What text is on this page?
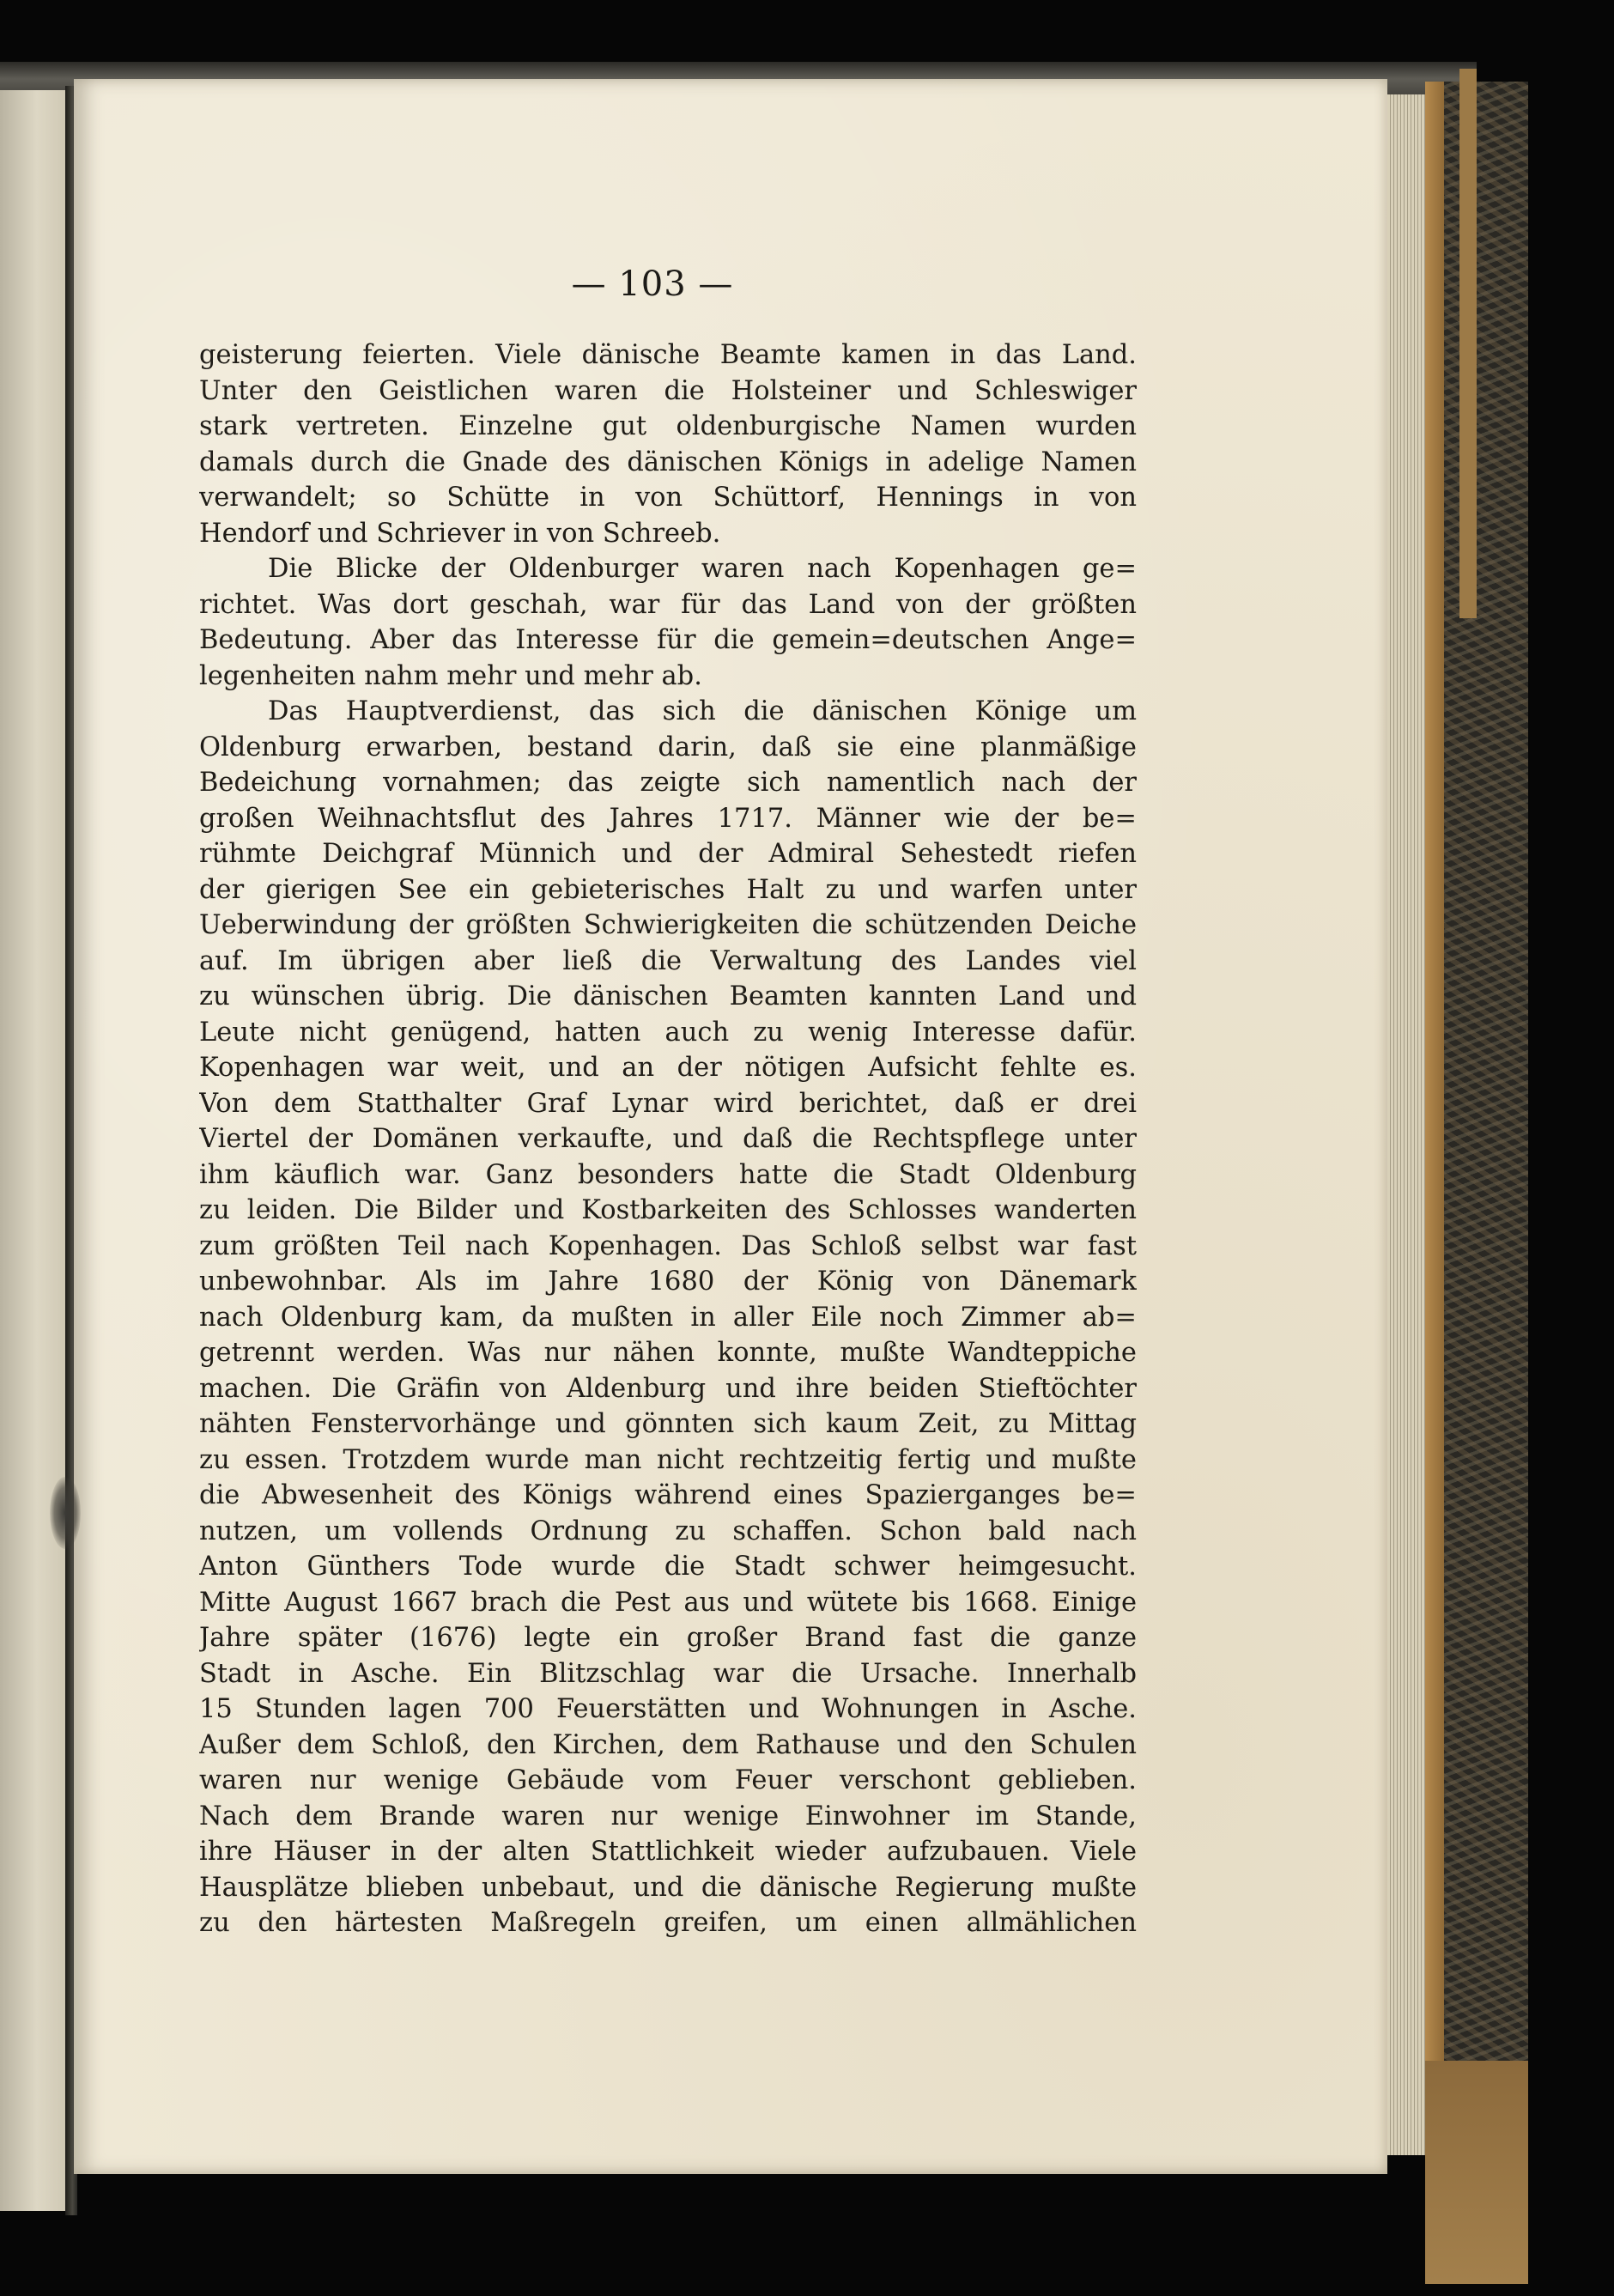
— 103 —
geisterung feierten. Viele dänische Beamte kamen in das Land.
Unter den Geistlichen waren die Holsteiner und Schleswiger
stark vertreten. Einzelne gut oldenburgische Namen wurden
damals durch die Gnade des dänischen Königs in adelige Namen
verwandelt; so Schütte in von Schüttorf, Hennings in von
Hendorf und Schriever in von Schreeb.
Die Blicke der Oldenburger waren nach Kopenhagen ge=
richtet. Was dort geschah, war für das Land von der größten
Bedeutung. Aber das Interesse für die gemein=deutschen Ange=
legenheiten nahm mehr und mehr ab.
Das Hauptverdienst, das sich die dänischen Könige um
Oldenburg erwarben, bestand darin, daß sie eine planmäßige
Bedeichung vornahmen; das zeigte sich namentlich nach der
großen Weihnachtsflut des Jahres 1717. Männer wie der be=
rühmte Deichgraf Münnich und der Admiral Sehestedt riefen
der gierigen See ein gebieterisches Halt zu und warfen unter
Ueberwindung der größten Schwierigkeiten die schützenden Deiche
auf. Im übrigen aber ließ die Verwaltung des Landes viel
zu wünschen übrig. Die dänischen Beamten kannten Land und
Leute nicht genügend, hatten auch zu wenig Interesse dafür.
Kopenhagen war weit, und an der nötigen Aufsicht fehlte es.
Von dem Statthalter Graf Lynar wird berichtet, daß er drei
Viertel der Domänen verkaufte, und daß die Rechtspflege unter
ihm käuflich war. Ganz besonders hatte die Stadt Oldenburg
zu leiden. Die Bilder und Kostbarkeiten des Schlosses wanderten
zum größten Teil nach Kopenhagen. Das Schloß selbst war fast
unbewohnbar. Als im Jahre 1680 der König von Dänemark
nach Oldenburg kam, da mußten in aller Eile noch Zimmer ab=
getrennt werden. Was nur nähen konnte, mußte Wandteppiche
machen. Die Gräfin von Aldenburg und ihre beiden Stieftöchter
nähten Fenstervorhänge und gönnten sich kaum Zeit, zu Mittag
zu essen. Trotzdem wurde man nicht rechtzeitig fertig und mußte
die Abwesenheit des Königs während eines Spazierganges be=
nutzen, um vollends Ordnung zu schaffen. Schon bald nach
Anton Günthers Tode wurde die Stadt schwer heimgesucht.
Mitte August 1667 brach die Pest aus und wütete bis 1668. Einige
Jahre später (1676) legte ein großer Brand fast die ganze
Stadt in Asche. Ein Blitzschlag war die Ursache. Innerhalb
15 Stunden lagen 700 Feuerstätten und Wohnungen in Asche.
Außer dem Schloß, den Kirchen, dem Rathause und den Schulen
waren nur wenige Gebäude vom Feuer verschont geblieben.
Nach dem Brande waren nur wenige Einwohner im Stande,
ihre Häuser in der alten Stattlichkeit wieder aufzubauen. Viele
Hausplätze blieben unbebaut, und die dänische Regierung mußte
zu den härtesten Maßregeln greifen, um einen allmählichen
